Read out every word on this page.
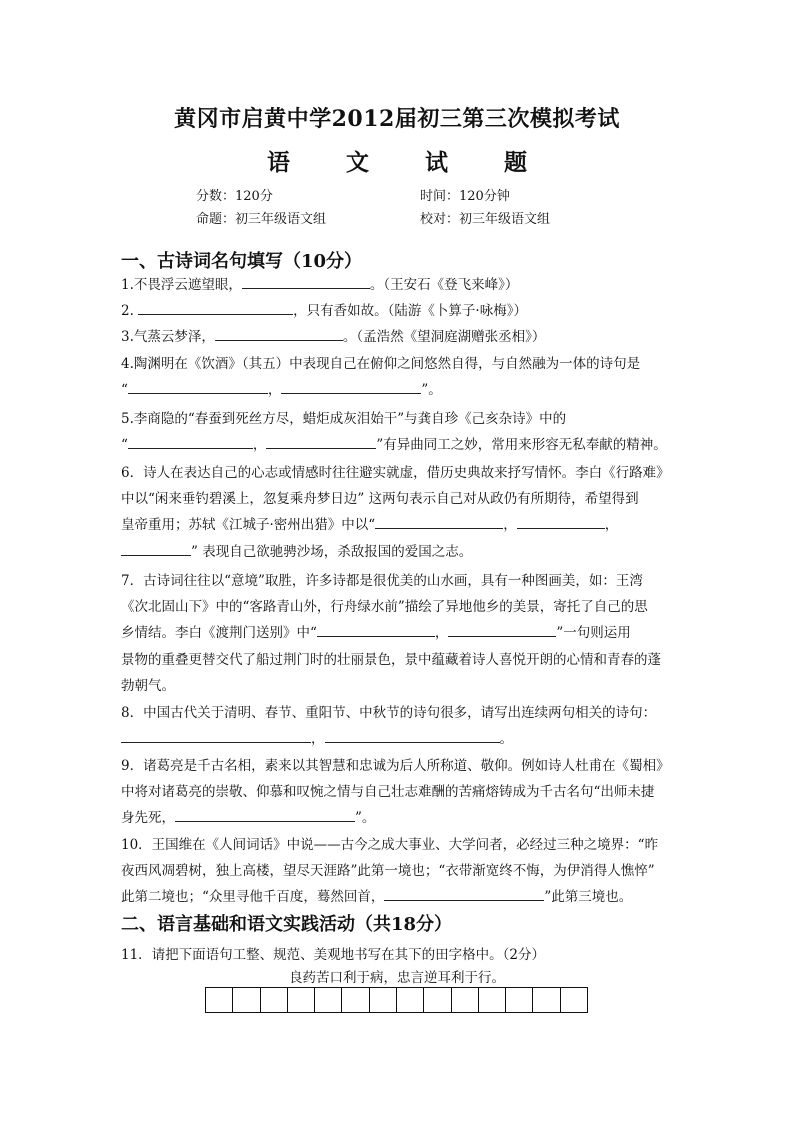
黄冈市启黄中学2012届初三第三次模拟考试
语 文 试 题
分数：120分	时间：120分钟
命题：初三年级语文组	校对：初三年级语文组
一、古诗词名句填写（10分）
1.不畏浮云遮望眼，	。（王安石《登飞来峰》）
2.	，只有香如故。（陆游《卜算子·咏梅》）
3.气蒸云梦泽，	。（孟浩然《望洞庭湖赠张丞相》）
4.陶渊明在《饮酒》（其五）中表现自己在俯仰之间悠然自得，与自然融为一体的诗句是
“	，	”。
5.李商隐的“春蚕到死丝方尽，蜡炬成灰泪始干”与龚自珍《己亥杂诗》中的
“	，	”有异曲同工之妙，常用来形容无私奉献的精神。
6．诗人在表达自己的心志或情感时往往避实就虚，借历史典故来抒写情怀。李白《行路难》
中以“闲来垂钓碧溪上，忽复乘舟梦日边” 这两句表示自己对从政仍有所期待，希望得到
皇帝重用；苏轼《江城子·密州出猎》中以“	，	，
” 表现自己欲驰骋沙场，杀敌报国的爱国之志。
7．古诗词往往以“意境”取胜，许多诗都是很优美的山水画，具有一种图画美，如：王湾
《次北固山下》中的“客路青山外，行舟绿水前”描绘了异地他乡的美景，寄托了自己的思
乡情结。李白《渡荆门送别》中“	，	”一句则运用
景物的重叠更替交代了船过荆门时的壮丽景色，景中蕴藏着诗人喜悦开朗的心情和青春的蓬
勃朝气。
8．中国古代关于清明、春节、重阳节、中秋节的诗句很多，请写出连续两句相关的诗句：
，	。
9．诸葛亮是千古名相，素来以其智慧和忠诚为后人所称道、敬仰。例如诗人杜甫在《蜀相》
中将对诸葛亮的崇敬、仰慕和叹惋之情与自己壮志难酬的苦痛熔铸成为千古名句“出师未捷
身先死，	”。
10．王国维在《人间词话》中说——古今之成大事业、大学问者，必经过三种之境界：“昨
夜西风凋碧树，独上高楼，望尽天涯路”此第一境也；“衣带渐宽终不悔，为伊消得人憔悴”
此第二境也；“众里寻他千百度，蓦然回首，	”此第三境也。
二、语言基础和语文实践活动（共18分）
11．请把下面语句工整、规范、美观地书写在其下的田字格中。（2分）
良药苦口利于病，忠言逆耳利于行。
